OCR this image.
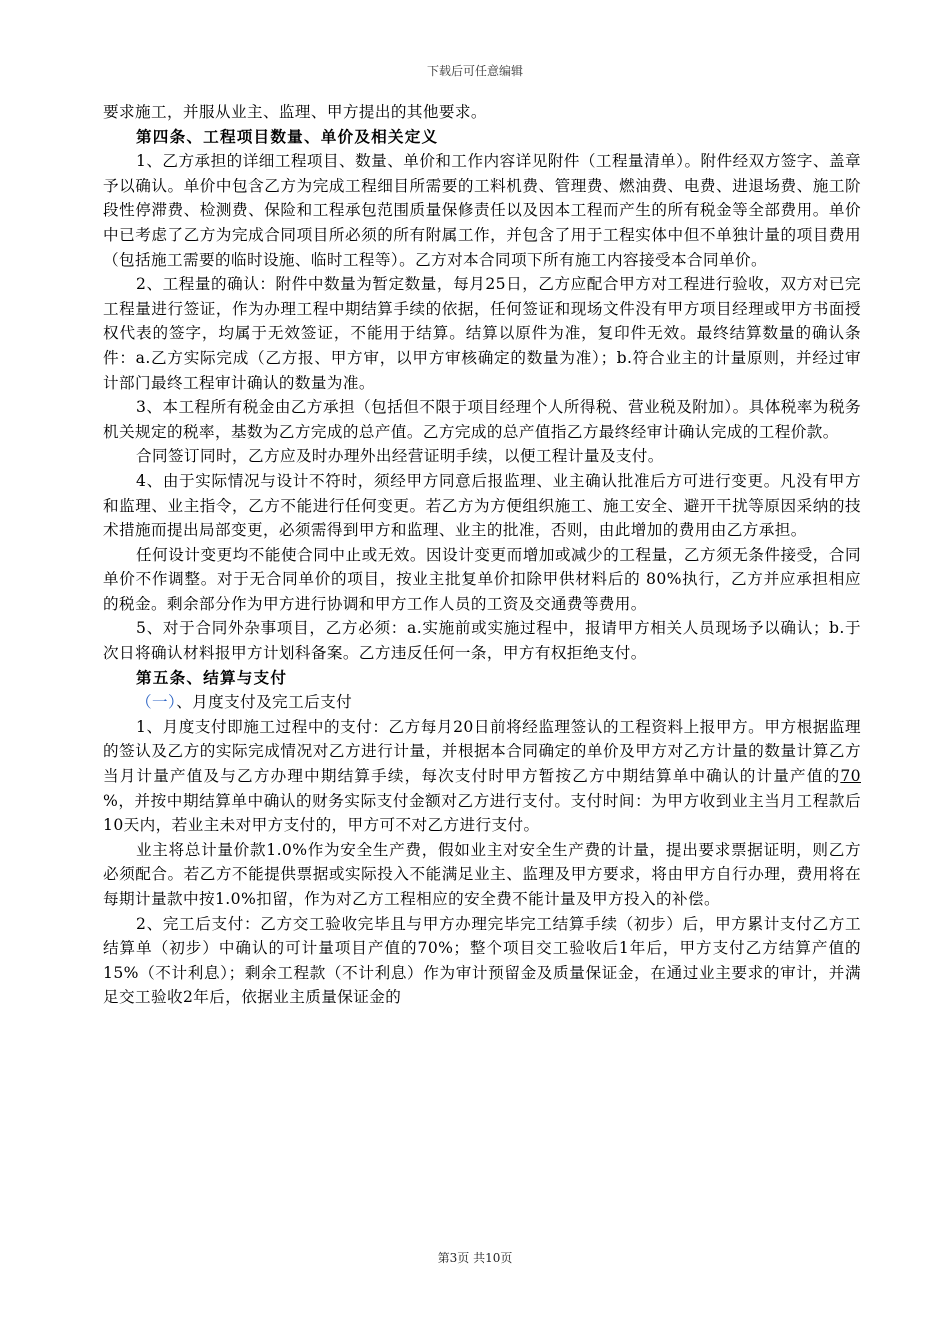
下载后可任意编辑

要求施工，并服从业主、监理、甲方提出的其他要求。

第四条、工程项目数量、单价及相关定义

1、乙方承担的详细工程项目、数量、单价和工作内容详见附件（工程量清单）。附件经双方签字、盖章予以确认。单价中包含乙方为完成工程细目所需要的工料机费、管理费、燃油费、电费、进退场费、施工阶段性停滞费、检测费、保险和工程承包范围质量保修责任以及因本工程而产生的所有税金等全部费用。单价中已考虑了乙方为完成合同项目所必须的所有附属工作，并包含了用于工程实体中但不单独计量的项目费用（包括施工需要的临时设施、临时工程等）。乙方对本合同项下所有施工内容接受本合同单价。

2、工程量的确认：附件中数量为暂定数量，每月25日，乙方应配合甲方对工程进行验收，双方对已完工程量进行签证，作为办理工程中期结算手续的依据，任何签证和现场文件没有甲方项目经理或甲方书面授权代表的签字，均属于无效签证，不能用于结算。结算以原件为准，复印件无效。最终结算数量的确认条件：a.乙方实际完成（乙方报、甲方审，以甲方审核确定的数量为准）；b.符合业主的计量原则，并经过审计部门最终工程审计确认的数量为准。

3、本工程所有税金由乙方承担（包括但不限于项目经理个人所得税、营业税及附加）。具体税率为税务机关规定的税率，基数为乙方完成的总产值。乙方完成的总产值指乙方最终经审计确认完成的工程价款。

合同签订同时，乙方应及时办理外出经营证明手续，以便工程计量及支付。

4、由于实际情况与设计不符时，须经甲方同意后报监理、业主确认批准后方可进行变更。凡没有甲方和监理、业主指令，乙方不能进行任何变更。若乙方为方便组织施工、施工安全、避开干扰等原因采纳的技术措施而提出局部变更，必须需得到甲方和监理、业主的批准，否则，由此增加的费用由乙方承担。

任何设计变更均不能使合同中止或无效。因设计变更而增加或减少的工程量，乙方须无条件接受，合同单价不作调整。对于无合同单价的项目，按业主批复单价扣除甲供材料后的 80%执行，乙方并应承担相应的税金。剩余部分作为甲方进行协调和甲方工作人员的工资及交通费等费用。

5、对于合同外杂事项目，乙方必须：a.实施前或实施过程中，报请甲方相关人员现场予以确认；b.于次日将确认材料报甲方计划科备案。乙方违反任何一条，甲方有权拒绝支付。

第五条、结算与支付

（一）、月度支付及完工后支付

1、月度支付即施工过程中的支付：乙方每月20日前将经监理签认的工程资料上报甲方。甲方根据监理的签认及乙方的实际完成情况对乙方进行计量，并根据本合同确定的单价及甲方对乙方计量的数量计算乙方当月计量产值及与乙方办理中期结算手续，每次支付时甲方暂按乙方中期结算单中确认的计量产值的70 %，并按中期结算单中确认的财务实际支付金额对乙方进行支付。支付时间：为甲方收到业主当月工程款后10天内，若业主未对甲方支付的，甲方可不对乙方进行支付。

业主将总计量价款1.0%作为安全生产费，假如业主对安全生产费的计量，提出要求票据证明，则乙方必须配合。若乙方不能提供票据或实际投入不能满足业主、监理及甲方要求，将由甲方自行办理，费用将在每期计量款中按1.0%扣留，作为对乙方工程相应的安全费不能计量及甲方投入的补偿。

2、完工后支付：乙方交工验收完毕且与甲方办理完毕完工结算手续（初步）后，甲方累计支付乙方工结算单（初步）中确认的可计量项目产值的70%；整个项目交工验收后1年后，甲方支付乙方结算产值的15%（不计利息）；剩余工程款（不计利息）作为审计预留金及质量保证金，在通过业主要求的审计，并满足交工验收2年后，依据业主质量保证金的

第3页 共10页
